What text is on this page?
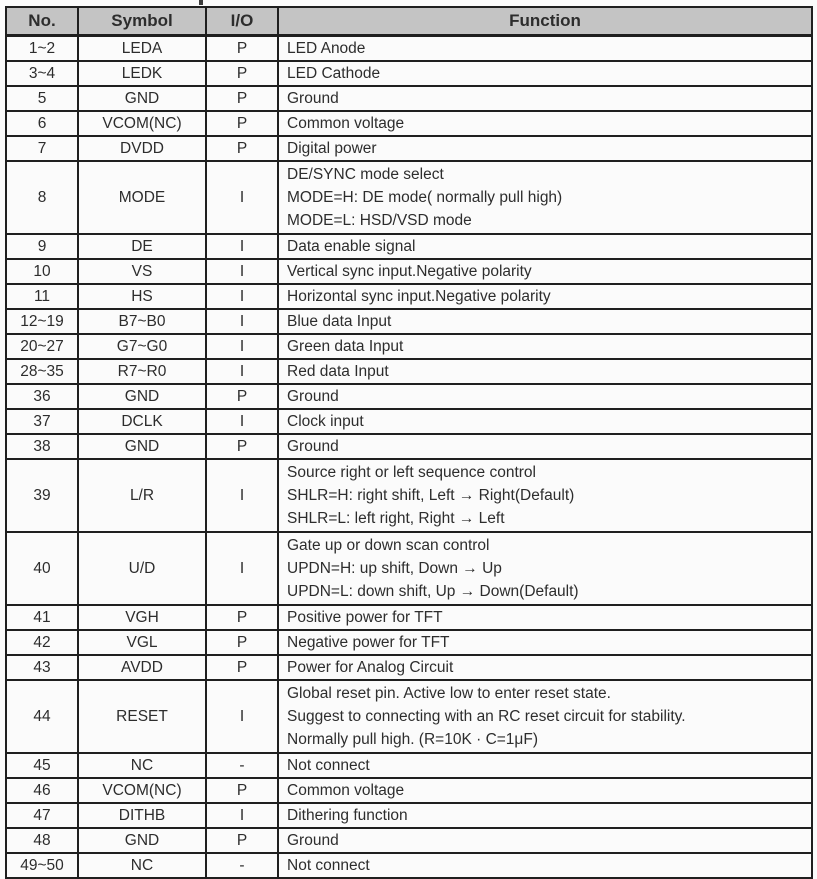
No.	Symbol	I/O	Function
1~2	LEDA	P	LED Anode

3~4	LEDK	P	LED Cathode

5	GND	P	Ground

6	VCOM(NC)	P	Common voltage

7	DVDD	P	Digital power

8	MODE	I	DE/SYNC mode select
MODE=H: DE mode( normally pull high)
MODE=L: HSD/VSD mode

9	DE	I	Data enable signal

10	VS	I	Vertical sync input.Negative polarity

11	HS	I	Horizontal sync input.Negative polarity

12~19	B7~B0	I	Blue data Input

20~27	G7~G0	I	Green data Input

28~35	R7~R0	I	Red data Input

36	GND	P	Ground

37	DCLK	I	Clock input

38	GND	P	Ground

39	L/R	I	Source right or left sequence control
SHLR=H: right shift, Left → Right(Default)
SHLR=L: left right, Right → Left

40	U/D	I	Gate up or down scan control
UPDN=H: up shift, Down → Up
UPDN=L: down shift, Up → Down(Default)

41	VGH	P	Positive power for TFT

42	VGL	P	Negative power for TFT

43	AVDD	P	Power for Analog Circuit

44	RESET	I	Global reset pin. Active low to enter reset state.
Suggest to connecting with an RC reset circuit for stability.
Normally pull high. (R=10K · C=1μF)

45	NC	-	Not connect

46	VCOM(NC)	P	Common voltage

47	DITHB	I	Dithering function

48	GND	P	Ground

49~50	NC	-	Not connect
